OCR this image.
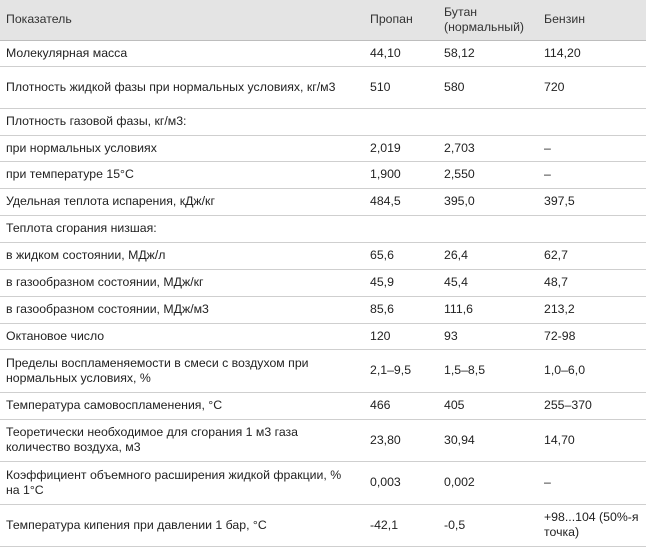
Показатель	Пропан	Бутан (нормальный)	Бензин
Молекулярная масса	44,10	58,12	114,20
Плотность жидкой фазы при нормальных условиях, кг/м3	510	580	720
Плотность газовой фазы, кг/м3:			
при нормальных условиях	2,019	2,703	–
при температуре 15°С	1,900	2,550	–
Удельная теплота испарения, кДж/кг	484,5	395,0	397,5
Теплота сгорания низшая:			
в жидком состоянии, МДж/л	65,6	26,4	62,7
в газообразном состоянии, МДж/кг	45,9	45,4	48,7
в газообразном состоянии, МДж/м3	85,6	111,6	213,2
Октановое число	120	93	72-98
Пределы воспламеняемости в смеси с воздухом при нормальных условиях, %	2,1–9,5	1,5–8,5	1,0–6,0
Температура самовоспламенения, °С	466	405	255–370
Теоретически необходимое для сгорания 1 м3 газа количество воздуха, м3	23,80	30,94	14,70
Коэффициент объемного расширения жидкой фракции, % на 1°С	0,003	0,002	–
Температура кипения при давлении 1 бар, °С	-42,1	-0,5	+98...104 (50%-я точка)
